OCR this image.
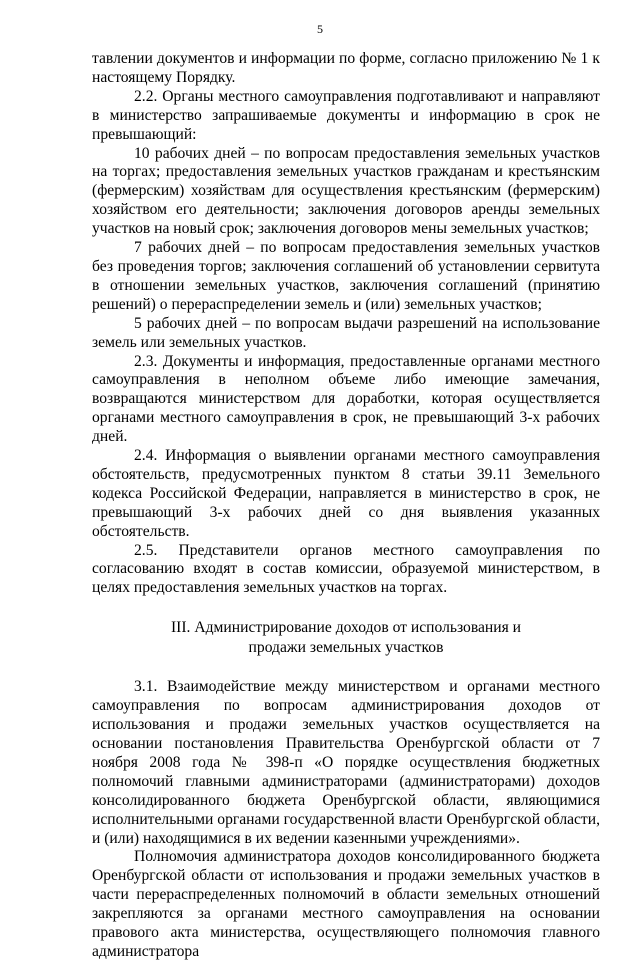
5

тавлении документов и информации по форме, согласно приложению № 1 к настоящему Порядку.

2.2. Органы местного самоуправления подготавливают и направляют в министерство запрашиваемые документы и информацию в срок не превышающий:

10 рабочих дней – по вопросам предоставления земельных участков на торгах; предоставления земельных участков гражданам и крестьянским (фермерским) хозяйствам для осуществления крестьянским (фермерским) хозяйством его деятельности; заключения договоров аренды земельных участков на новый срок; заключения договоров мены земельных участков;

7 рабочих дней – по вопросам предоставления земельных участков без проведения торгов; заключения соглашений об установлении сервитута в отношении земельных участков, заключения соглашений (принятию решений) о перераспределении земель и (или) земельных участков;

5 рабочих дней – по вопросам выдачи разрешений на использование земель или земельных участков.

2.3. Документы и информация, предоставленные органами местного самоуправления в неполном объеме либо имеющие замечания, возвращаются министерством для доработки, которая осуществляется органами местного самоуправления в срок, не превышающий 3-х рабочих дней.

2.4. Информация о выявлении органами местного самоуправления обстоятельств, предусмотренных пунктом 8 статьи 39.11 Земельного кодекса Российской Федерации, направляется в министерство в срок, не превышающий 3-х рабочих дней со дня выявления указанных обстоятельств.

2.5. Представители органов местного самоуправления по согласованию входят в состав комиссии, образуемой министерством, в целях предоставления земельных участков на торгах.

III. Администрирование доходов от использования и
продажи земельных участков

3.1. Взаимодействие между министерством и органами местного самоуправления по вопросам администрирования доходов от использования и продажи земельных участков осуществляется на основании постановления Правительства Оренбургской области от 7 ноября 2008 года № 398-п «О порядке осуществления бюджетных полномочий главными администраторами (администраторами) доходов консолидированного бюджета Оренбургской области, являющимися исполнительными органами государственной власти Оренбургской области, и (или) находящимися в их ведении казенными учреждениями».

Полномочия администратора доходов консолидированного бюджета Оренбургской области от использования и продажи земельных участков в части перераспределенных полномочий в области земельных отношений закрепляются за органами местного самоуправления на основании правового акта министерства, осуществляющего полномочия главного администратора
